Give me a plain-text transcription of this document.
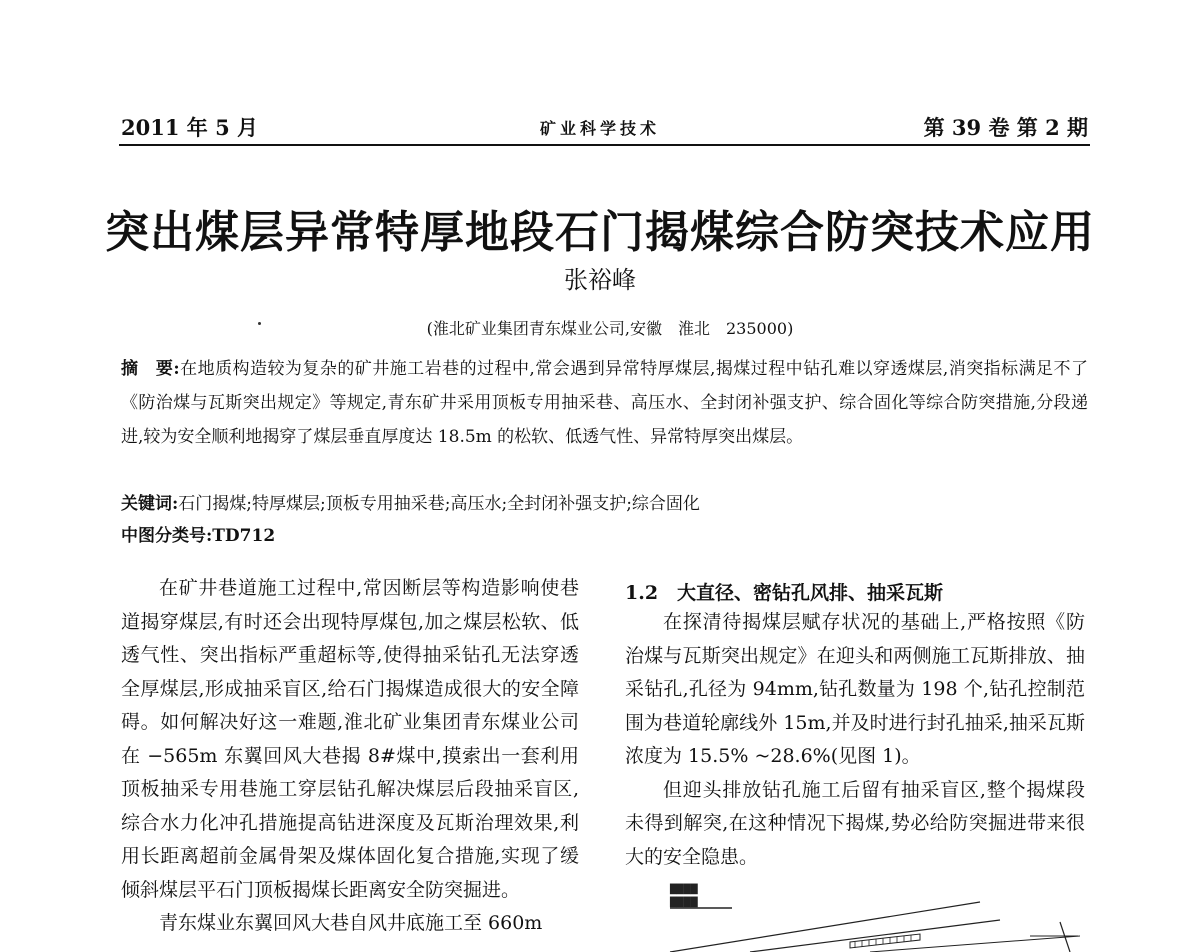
2011 年 5 月	矿业科学技术	第 39 卷 第 2 期
突出煤层异常特厚地段石门揭煤综合防突技术应用
张裕峰
(淮北矿业集团青东煤业公司,安徽　淮北　235000)
摘　要:在地质构造较为复杂的矿井施工岩巷的过程中,常会遇到异常特厚煤层,揭煤过程中钻孔难以穿透煤层,消突指标满足不了《防治煤与瓦斯突出规定》等规定,青东矿井采用顶板专用抽采巷、高压水、全封闭补强支护、综合固化等综合防突措施,分段递进,较为安全顺利地揭穿了煤层垂直厚度达 18.5m 的松软、低透气性、异常特厚突出煤层。
关键词:石门揭煤;特厚煤层;顶板专用抽采巷;高压水;全封闭补强支护;综合固化
中图分类号:TD712

在矿井巷道施工过程中,常因断层等构造影响使巷道揭穿煤层,有时还会出现特厚煤包,加之煤层松软、低透气性、突出指标严重超标等,使得抽采钻孔无法穿透全厚煤层,形成抽采盲区,给石门揭煤造成很大的安全障碍。如何解决好这一难题,淮北矿业集团青东煤业公司在 −565m 东翼回风大巷揭 8#煤中,摸索出一套利用顶板抽采专用巷施工穿层钻孔解决煤层后段抽采盲区,综合水力化冲孔措施提高钻进深度及瓦斯治理效果,利用长距离超前金属骨架及煤体固化复合措施,实现了缓倾斜煤层平石门顶板揭煤长距离安全防突掘进。

青东煤业东翼回风大巷自风井底施工至 660m

1.2　大直径、密钻孔风排、抽采瓦斯

在探清待揭煤层赋存状况的基础上,严格按照《防治煤与瓦斯突出规定》在迎头和两侧施工瓦斯排放、抽采钻孔,孔径为 94mm,钻孔数量为 198 个,钻孔控制范围为巷道轮廓线外 15m,并及时进行封孔抽采,抽采瓦斯浓度为 15.5% ~28.6%(见图 1)。

但迎头排放钻孔施工后留有抽采盲区,整个揭煤段未得到解突,在这种情况下揭煤,势必给防突掘进带来很大的安全隐患。

████
████
